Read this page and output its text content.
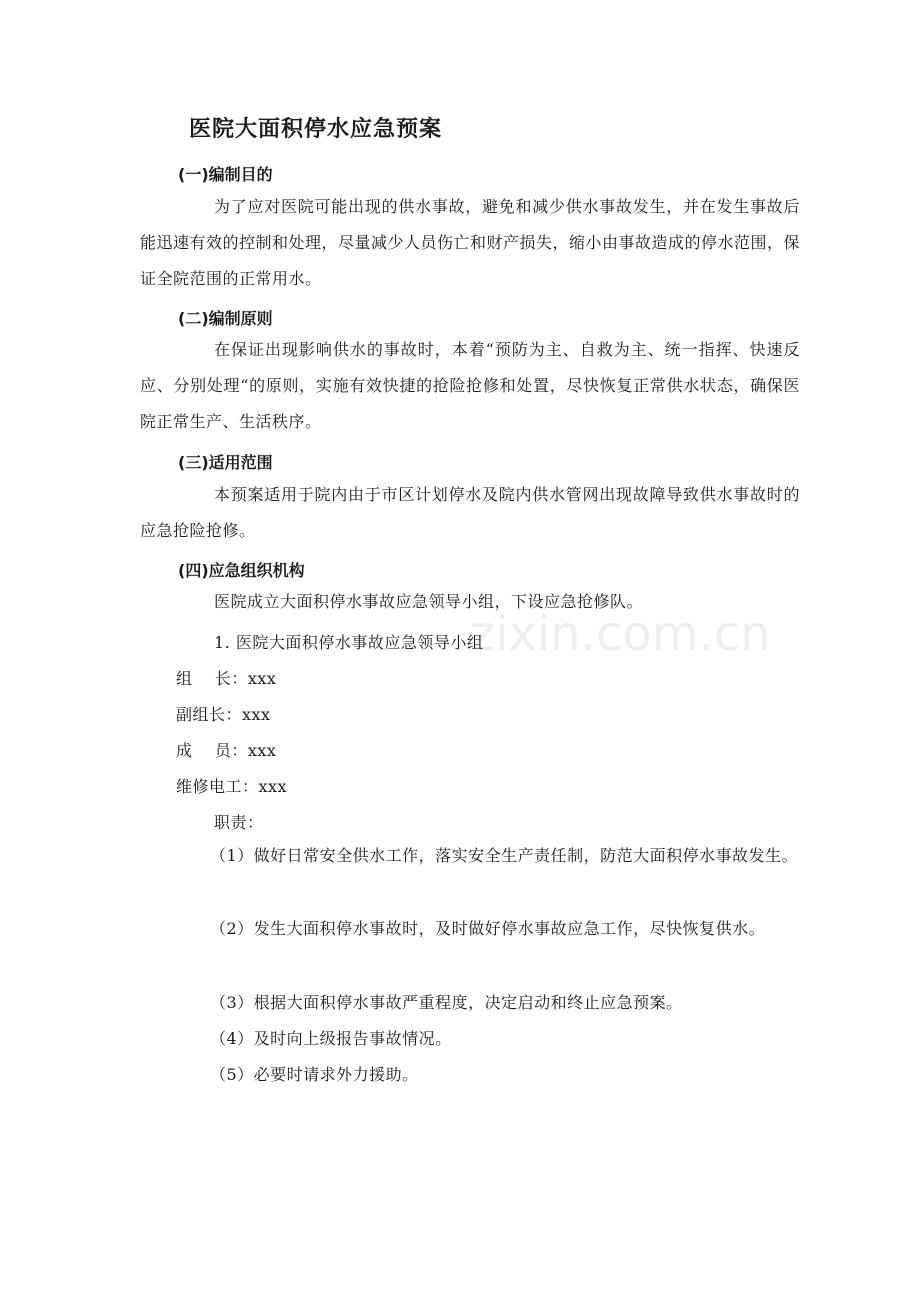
医院大面积停水应急预案
(一)编制目的
为了应对医院可能出现的供水事故，避免和减少供水事故发生，并在发生事故后能迅速有效的控制和处理，尽量减少人员伤亡和财产损失，缩小由事故造成的停水范围，保证全院范围的正常用水。
(二)编制原则
在保证出现影响供水的事故时，本着“预防为主、自救为主、统一指挥、快速反应、分别处理“的原则，实施有效快捷的抢险抢修和处置，尽快恢复正常供水状态，确保医院正常生产、生活秩序。
(三)适用范围
本预案适用于院内由于市区计划停水及院内供水管网出现故障导致供水事故时的应急抢险抢修。
(四)应急组织机构
医院成立大面积停水事故应急领导小组，下设应急抢修队。
1. 医院大面积停水事故应急领导小组
组    长：xxx
副组长：xxx
成    员：xxx
维修电工：xxx
职责：
（1）做好日常安全供水工作，落实安全生产责任制，防范大面积停水事故发生。
（2）发生大面积停水事故时，及时做好停水事故应急工作，尽快恢复供水。
（3）根据大面积停水事故严重程度，决定启动和终止应急预案。
（4）及时向上级报告事故情况。
（5）必要时请求外力援助。
zixin.com.cn
